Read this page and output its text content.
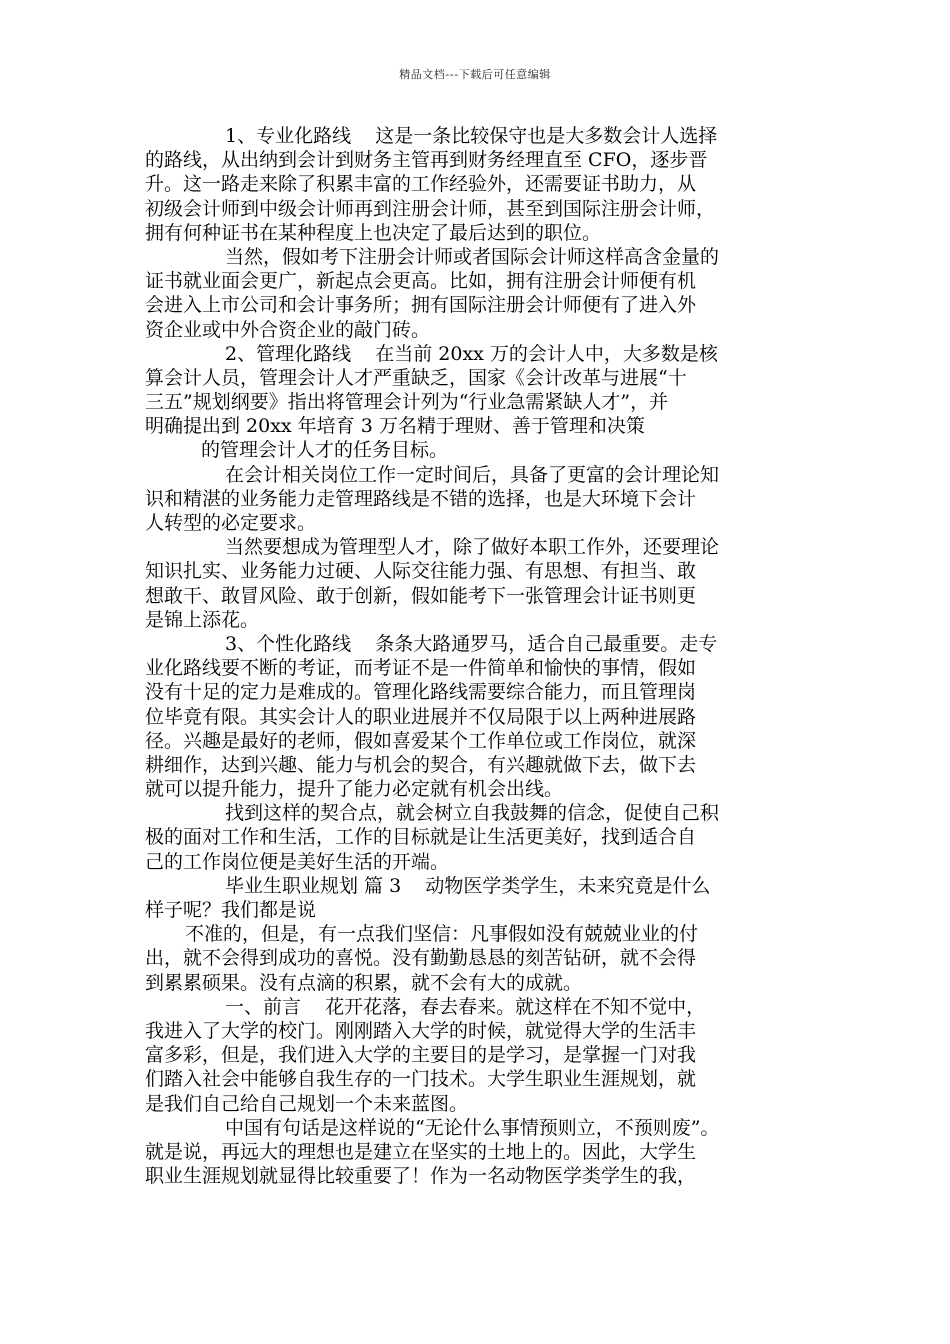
精品文档---下载后可任意编辑
1、专业化路线    这是一条比较保守也是大多数会计人选择
的路线，从出纳到会计到财务主管再到财务经理直至 CFO，逐步晋
升。这一路走来除了积累丰富的工作经验外，还需要证书助力，从
初级会计师到中级会计师再到注册会计师，甚至到国际注册会计师，
拥有何种证书在某种程度上也决定了最后达到的职位。
当然，假如考下注册会计师或者国际会计师这样高含金量的
证书就业面会更广，新起点会更高。比如，拥有注册会计师便有机
会进入上市公司和会计事务所；拥有国际注册会计师便有了进入外
资企业或中外合资企业的敲门砖。
2、管理化路线    在当前 20xx 万的会计人中，大多数是核
算会计人员，管理会计人才严重缺乏，国家《会计改革与进展“十
三五”规划纲要》指出将管理会计列为“行业急需紧缺人才”，并
明确提出到 20xx 年培育 3 万名精于理财、善于管理和决策
的管理会计人才的任务目标。
在会计相关岗位工作一定时间后，具备了更富的会计理论知
识和精湛的业务能力走管理路线是不错的选择，也是大环境下会计
人转型的必定要求。
当然要想成为管理型人才，除了做好本职工作外，还要理论
知识扎实、业务能力过硬、人际交往能力强、有思想、有担当、敢
想敢干、敢冒风险、敢于创新，假如能考下一张管理会计证书则更
是锦上添花。
3、个性化路线    条条大路通罗马，适合自己最重要。走专
业化路线要不断的考证，而考证不是一件简单和愉快的事情，假如
没有十足的定力是难成的。管理化路线需要综合能力，而且管理岗
位毕竟有限。其实会计人的职业进展并不仅局限于以上两种进展路
径。兴趣是最好的老师，假如喜爱某个工作单位或工作岗位，就深
耕细作，达到兴趣、能力与机会的契合，有兴趣就做下去，做下去
就可以提升能力，提升了能力必定就有机会出线。
找到这样的契合点，就会树立自我鼓舞的信念，促使自己积
极的面对工作和生活，工作的目标就是让生活更美好，找到适合自
己的工作岗位便是美好生活的开端。
毕业生职业规划 篇 3    动物医学类学生，未来究竟是什么
样子呢？我们都是说
不准的，但是，有一点我们坚信：凡事假如没有兢兢业业的付
出，就不会得到成功的喜悦。没有勤勤恳恳的刻苦钻研，就不会得
到累累硕果。没有点滴的积累，就不会有大的成就。
一、前言    花开花落，春去春来。就这样在不知不觉中，
我进入了大学的校门。刚刚踏入大学的时候，就觉得大学的生活丰
富多彩，但是，我们进入大学的主要目的是学习，是掌握一门对我
们踏入社会中能够自我生存的一门技术。大学生职业生涯规划，就
是我们自己给自己规划一个未来蓝图。
中国有句话是这样说的“无论什么事情预则立，不预则废”。
就是说，再远大的理想也是建立在坚实的土地上的。因此，大学生
职业生涯规划就显得比较重要了！作为一名动物医学类学生的我，
